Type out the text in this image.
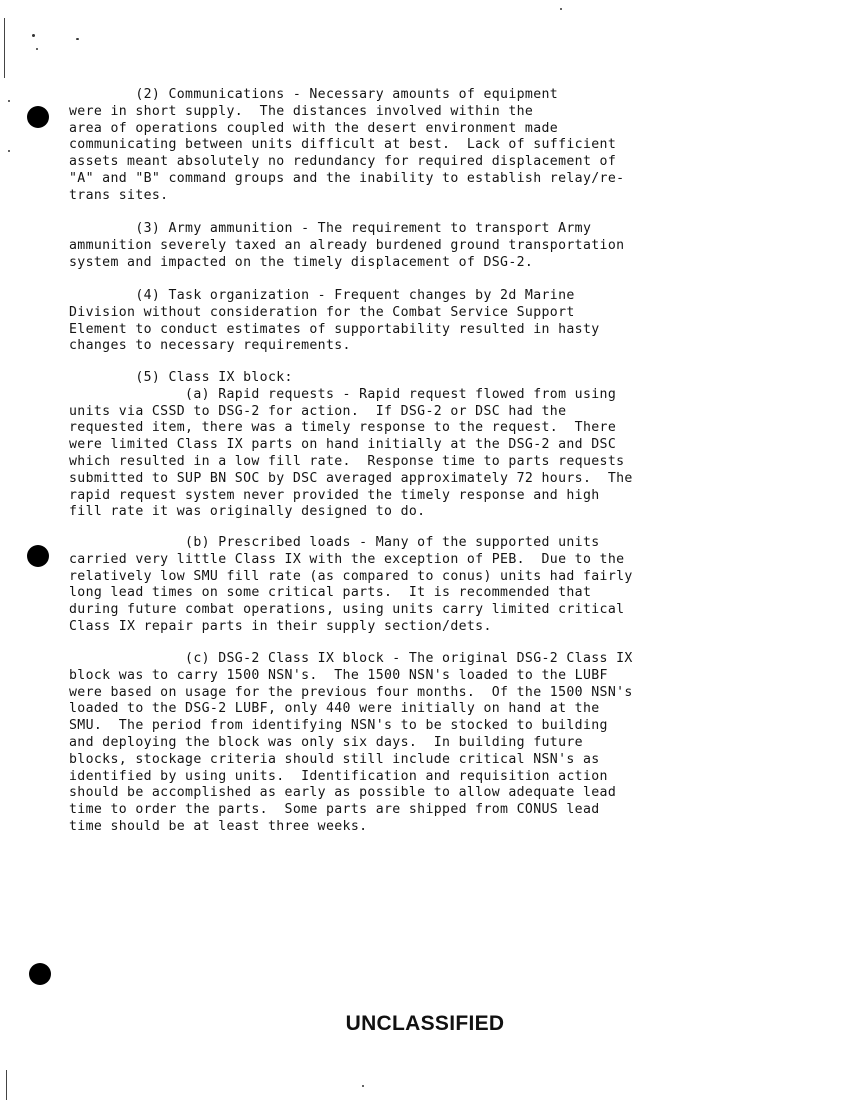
(2) Communications - Necessary amounts of equipment
were in short supply.  The distances involved within the
area of operations coupled with the desert environment made
communicating between units difficult at best.  Lack of sufficient
assets meant absolutely no redundancy for required displacement of
"A" and "B" command groups and the inability to establish relay/re-
trans sites.
(3) Army ammunition - The requirement to transport Army
ammunition severely taxed an already burdened ground transportation
system and impacted on the timely displacement of DSG-2.
(4) Task organization - Frequent changes by 2d Marine
Division without consideration for the Combat Service Support
Element to conduct estimates of supportability resulted in hasty
changes to necessary requirements.
(5) Class IX block:
(a) Rapid requests - Rapid request flowed from using
units via CSSD to DSG-2 for action.  If DSG-2 or DSC had the
requested item, there was a timely response to the request.  There
were limited Class IX parts on hand initially at the DSG-2 and DSC
which resulted in a low fill rate.  Response time to parts requests
submitted to SUP BN SOC by DSC averaged approximately 72 hours.  The
rapid request system never provided the timely response and high
fill rate it was originally designed to do.
(b) Prescribed loads - Many of the supported units
carried very little Class IX with the exception of PEB.  Due to the
relatively low SMU fill rate (as compared to conus) units had fairly
long lead times on some critical parts.  It is recommended that
during future combat operations, using units carry limited critical
Class IX repair parts in their supply section/dets.
(c) DSG-2 Class IX block - The original DSG-2 Class IX
block was to carry 1500 NSN's.  The 1500 NSN's loaded to the LUBF
were based on usage for the previous four months.  Of the 1500 NSN's
loaded to the DSG-2 LUBF, only 440 were initially on hand at the
SMU.  The period from identifying NSN's to be stocked to building
and deploying the block was only six days.  In building future
blocks, stockage criteria should still include critical NSN's as
identified by using units.  Identification and requisition action
should be accomplished as early as possible to allow adequate lead
time to order the parts.  Some parts are shipped from CONUS lead
time should be at least three weeks.
UNCLASSIFIED
